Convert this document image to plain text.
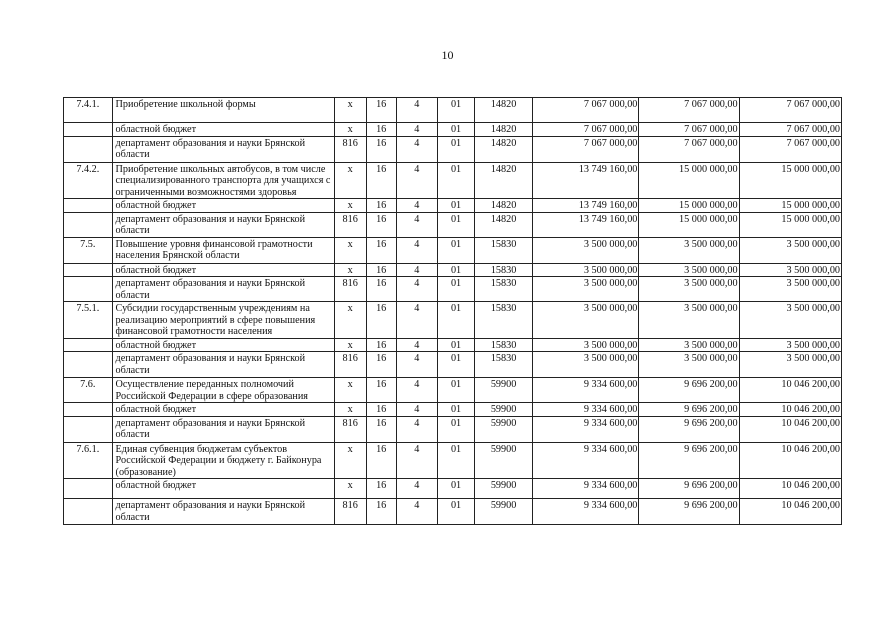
10
7.4.1.	Приобретение школьной формы	х	16	4	01	14820	7 067 000,00	7 067 000,00	7 067 000,00
	областной бюджет	х	16	4	01	14820	7 067 000,00	7 067 000,00	7 067 000,00
	департамент образования и науки Брянской области	816	16	4	01	14820	7 067 000,00	7 067 000,00	7 067 000,00
7.4.2.	Приобретение школьных автобусов, в том числе специализированного транспорта для учащихся с ограниченными возможностями здоровья	х	16	4	01	14820	13 749 160,00	15 000 000,00	15 000 000,00
	областной бюджет	х	16	4	01	14820	13 749 160,00	15 000 000,00	15 000 000,00
	департамент образования и науки Брянской области	816	16	4	01	14820	13 749 160,00	15 000 000,00	15 000 000,00
7.5.	Повышение уровня финансовой грамотности населения Брянской области	х	16	4	01	15830	3 500 000,00	3 500 000,00	3 500 000,00
	областной бюджет	х	16	4	01	15830	3 500 000,00	3 500 000,00	3 500 000,00
	департамент образования и науки Брянской области	816	16	4	01	15830	3 500 000,00	3 500 000,00	3 500 000,00
7.5.1.	Субсидии государственным учреждениям на реализацию мероприятий в сфере повышения финансовой грамотности населения	х	16	4	01	15830	3 500 000,00	3 500 000,00	3 500 000,00
	областной бюджет	х	16	4	01	15830	3 500 000,00	3 500 000,00	3 500 000,00
	департамент образования и науки Брянской области	816	16	4	01	15830	3 500 000,00	3 500 000,00	3 500 000,00
7.6.	Осуществление переданных полномочий Российской Федерации в сфере образования	х	16	4	01	59900	9 334 600,00	9 696 200,00	10 046 200,00
	областной бюджет	х	16	4	01	59900	9 334 600,00	9 696 200,00	10 046 200,00
	департамент образования и науки Брянской области	816	16	4	01	59900	9 334 600,00	9 696 200,00	10 046 200,00
7.6.1.	Единая субвенция бюджетам субъектов Российской Федерации и бюджету г. Байконура (образование)	х	16	4	01	59900	9 334 600,00	9 696 200,00	10 046 200,00
	областной бюджет	х	16	4	01	59900	9 334 600,00	9 696 200,00	10 046 200,00
	департамент образования и науки Брянской области	816	16	4	01	59900	9 334 600,00	9 696 200,00	10 046 200,00
